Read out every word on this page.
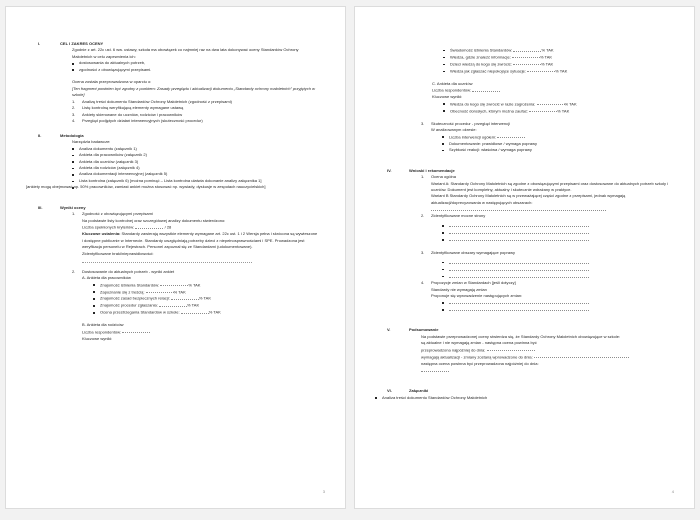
I.	CEL I ZAKRES OCENY

Zgodnie z art. 22c ust. 6 ww. ustawy, szkoła ma obowiązek co najmniej raz na dwa lata dokonywać oceny Standardów Ochrony Małoletnich w celu zapewnienia ich:

dostosowania do aktualnych potrzeb,
zgodności z obowiązującymi przepisami.

Ocena została przeprowadzona w oparciu o:

[Ten fragment powinien być zgodny z punktem: Zasady przeglądu i aktualizacji dokumentu „Standardy ochrony małoletnich” przyjętych w szkole]

Analizę treści dokumentu Standardów Ochrony Małoletnich (zgodność z przepisami)
Listę kontrolną weryfikującą elementy wymagane ustawą
Ankiety skierowane do uczniów, rodziców i pracowników
Przegląd podjętych działań interwencyjnych (skuteczność procedur)
II.	Metodologia

Narzędzia badawcze:

Analiza dokumentu (załącznik 1)
Ankieta dla pracowników (załącznik 2)
Ankieta dla uczniów (załącznik 3)
Ankieta dla rodziców (załącznik 4)
Analiza dokumentacji interwencyjnej (załącznik 5)
Lista kontrolna (załącznik 6) [można pominąć – Lista kontrolna ułatwia dokonanie analizy załącznika 1]

[ankiety mogą obejmować np. 50% pracowników, zamiast ankiet można stosować np. wywiady, dyskusje w zespołach nauczycielskich]

III.	Wyniki oceny
Zgodność z obowiązującymi przepisami
Na podstawie listy kontrolnej oraz szczegółowej analizy dokumentu stwierdzono:
Liczba spełnionych kryteriów:	/ 28
Kluczowe ustalenia: Standardy zawierają wszystkie elementy wymagane art. 22c ust. 1 i 2 Wersja pełna i skrócona są wywieszone i dostępne publicznie w Internecie. Standardy uwzględniają potrzeby dzieci z niepełnosprawnościami i SPE. Prowadzona jest weryfikacja personelu w Rejestrach. Personel zapoznał się ze Standardami (udokumentowane).
Zidentyfikowane braki/nieprawidłowości:
Dostosowanie do aktualnych potrzeb - wyniki ankiet
A. Ankieta dla pracowników
Znajomość istnienia Standardów:	% TAK
Zapoznanie się z treścią:	% TAK
Znajomość zasad bezpiecznych relacji:	% TAK
Znajomość procedur zgłaszania:	% TAK
Ocena przestrzegania Standardów w szkole:	% TAK
B. Ankieta dla rodziców
Liczba respondentów:
Kluczowe wyniki:
3
Świadomość istnienia Standardów:	% TAK
Wiedza, gdzie znaleźć informacje:	% TAK
Dzieci wiedzą do kogo się zwrócić:	% TAK
Wiedza jak zgłaszać niepokojące sytuacje:	% TAK
C. Ankieta dla uczniów
Liczba respondentów:
Kluczowe wyniki:
Wiedza do kogo się zwrócić w razie zagrożenia:	% TAK
Obecność dorosłych, którym można zaufać:	% TAK
Skuteczność procedur - przegląd interwencji
W analizowanym okresie:
Liczba interwencji ogółem:
Dokumentowanie: prawidłowe / wymaga poprawy
Szybkość reakcji: właściwa / wymaga poprawy
IV.	Wnioski i rekomendacje
Ocena ogólna
Wariant A: Standardy Ochrony Małoletnich są zgodne z obowiązującymi przepisami oraz dostosowane do aktualnych potrzeb szkoły i uczniów. Dokument jest kompletny, aktualny i skutecznie wdrażany w praktyce.
Wariant B Standardy Ochrony Małoletnich są w przeważającej części zgodne z przepisami, jednak wymagają aktualizacji/doprecyzowania w następujących obszarach:
Zidentyfikowane mocne strony
Zidentyfikowane obszary wymagające poprawy
Propozycje zmian w Standardach [jeśli dotyczy]
Standardy nie wymagają zmian
Proponuje się wprowadzenie następujących zmian:
V.	Podsumowanie

Na podstawie przeprowadzonej oceny stwierdza się, że Standardy Ochrony Małoletnich obowiązujące w szkole:

są aktualne i nie wymagają zmian - następna ocena powinna być

przeprowadzona najpóźniej do dnia:

wymagają aktualizacji - zmiany zostaną wprowadzone do dnia:

następna ocena powinna być przeprowadzona najpóźniej do dnia:

VI.	Załączniki
Analiza treści dokumentu Standardów Ochrony Małoletnich
4
